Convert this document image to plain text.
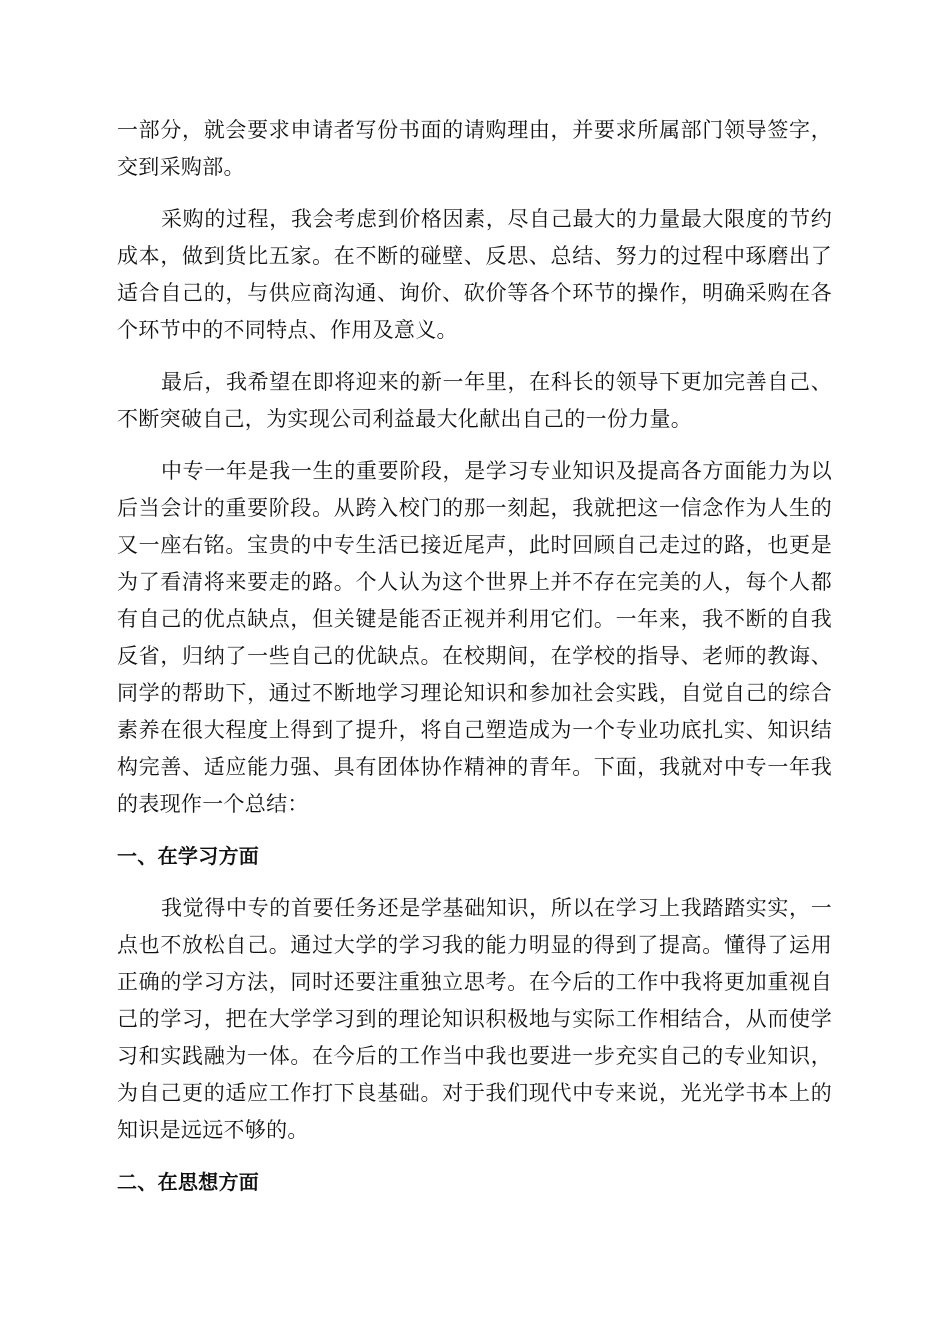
一部分，就会要求申请者写份书面的请购理由，并要求所属部门领导签字，交到采购部。

采购的过程，我会考虑到价格因素，尽自己最大的力量最大限度的节约成本，做到货比五家。在不断的碰壁、反思、总结、努力的过程中琢磨出了适合自己的，与供应商沟通、询价、砍价等各个环节的操作，明确采购在各个环节中的不同特点、作用及意义。

最后，我希望在即将迎来的新一年里，在科长的领导下更加完善自己、不断突破自己，为实现公司利益最大化献出自己的一份力量。

中专一年是我一生的重要阶段，是学习专业知识及提高各方面能力为以后当会计的重要阶段。从跨入校门的那一刻起，我就把这一信念作为人生的又一座右铭。宝贵的中专生活已接近尾声，此时回顾自己走过的路，也更是为了看清将来要走的路。个人认为这个世界上并不存在完美的人，每个人都有自己的优点缺点，但关键是能否正视并利用它们。一年来，我不断的自我反省，归纳了一些自己的优缺点。在校期间，在学校的指导、老师的教诲、同学的帮助下，通过不断地学习理论知识和参加社会实践，自觉自己的综合素养在很大程度上得到了提升，将自己塑造成为一个专业功底扎实、知识结构完善、适应能力强、具有团体协作精神的青年。下面，我就对中专一年我的表现作一个总结：

一、在学习方面

我觉得中专的首要任务还是学基础知识，所以在学习上我踏踏实实，一点也不放松自己。通过大学的学习我的能力明显的得到了提高。懂得了运用正确的学习方法，同时还要注重独立思考。在今后的工作中我将更加重视自己的学习，把在大学学习到的理论知识积极地与实际工作相结合，从而使学习和实践融为一体。在今后的工作当中我也要进一步充实自己的专业知识，为自己更的适应工作打下良基础。对于我们现代中专来说，光光学书本上的知识是远远不够的。

二、在思想方面
